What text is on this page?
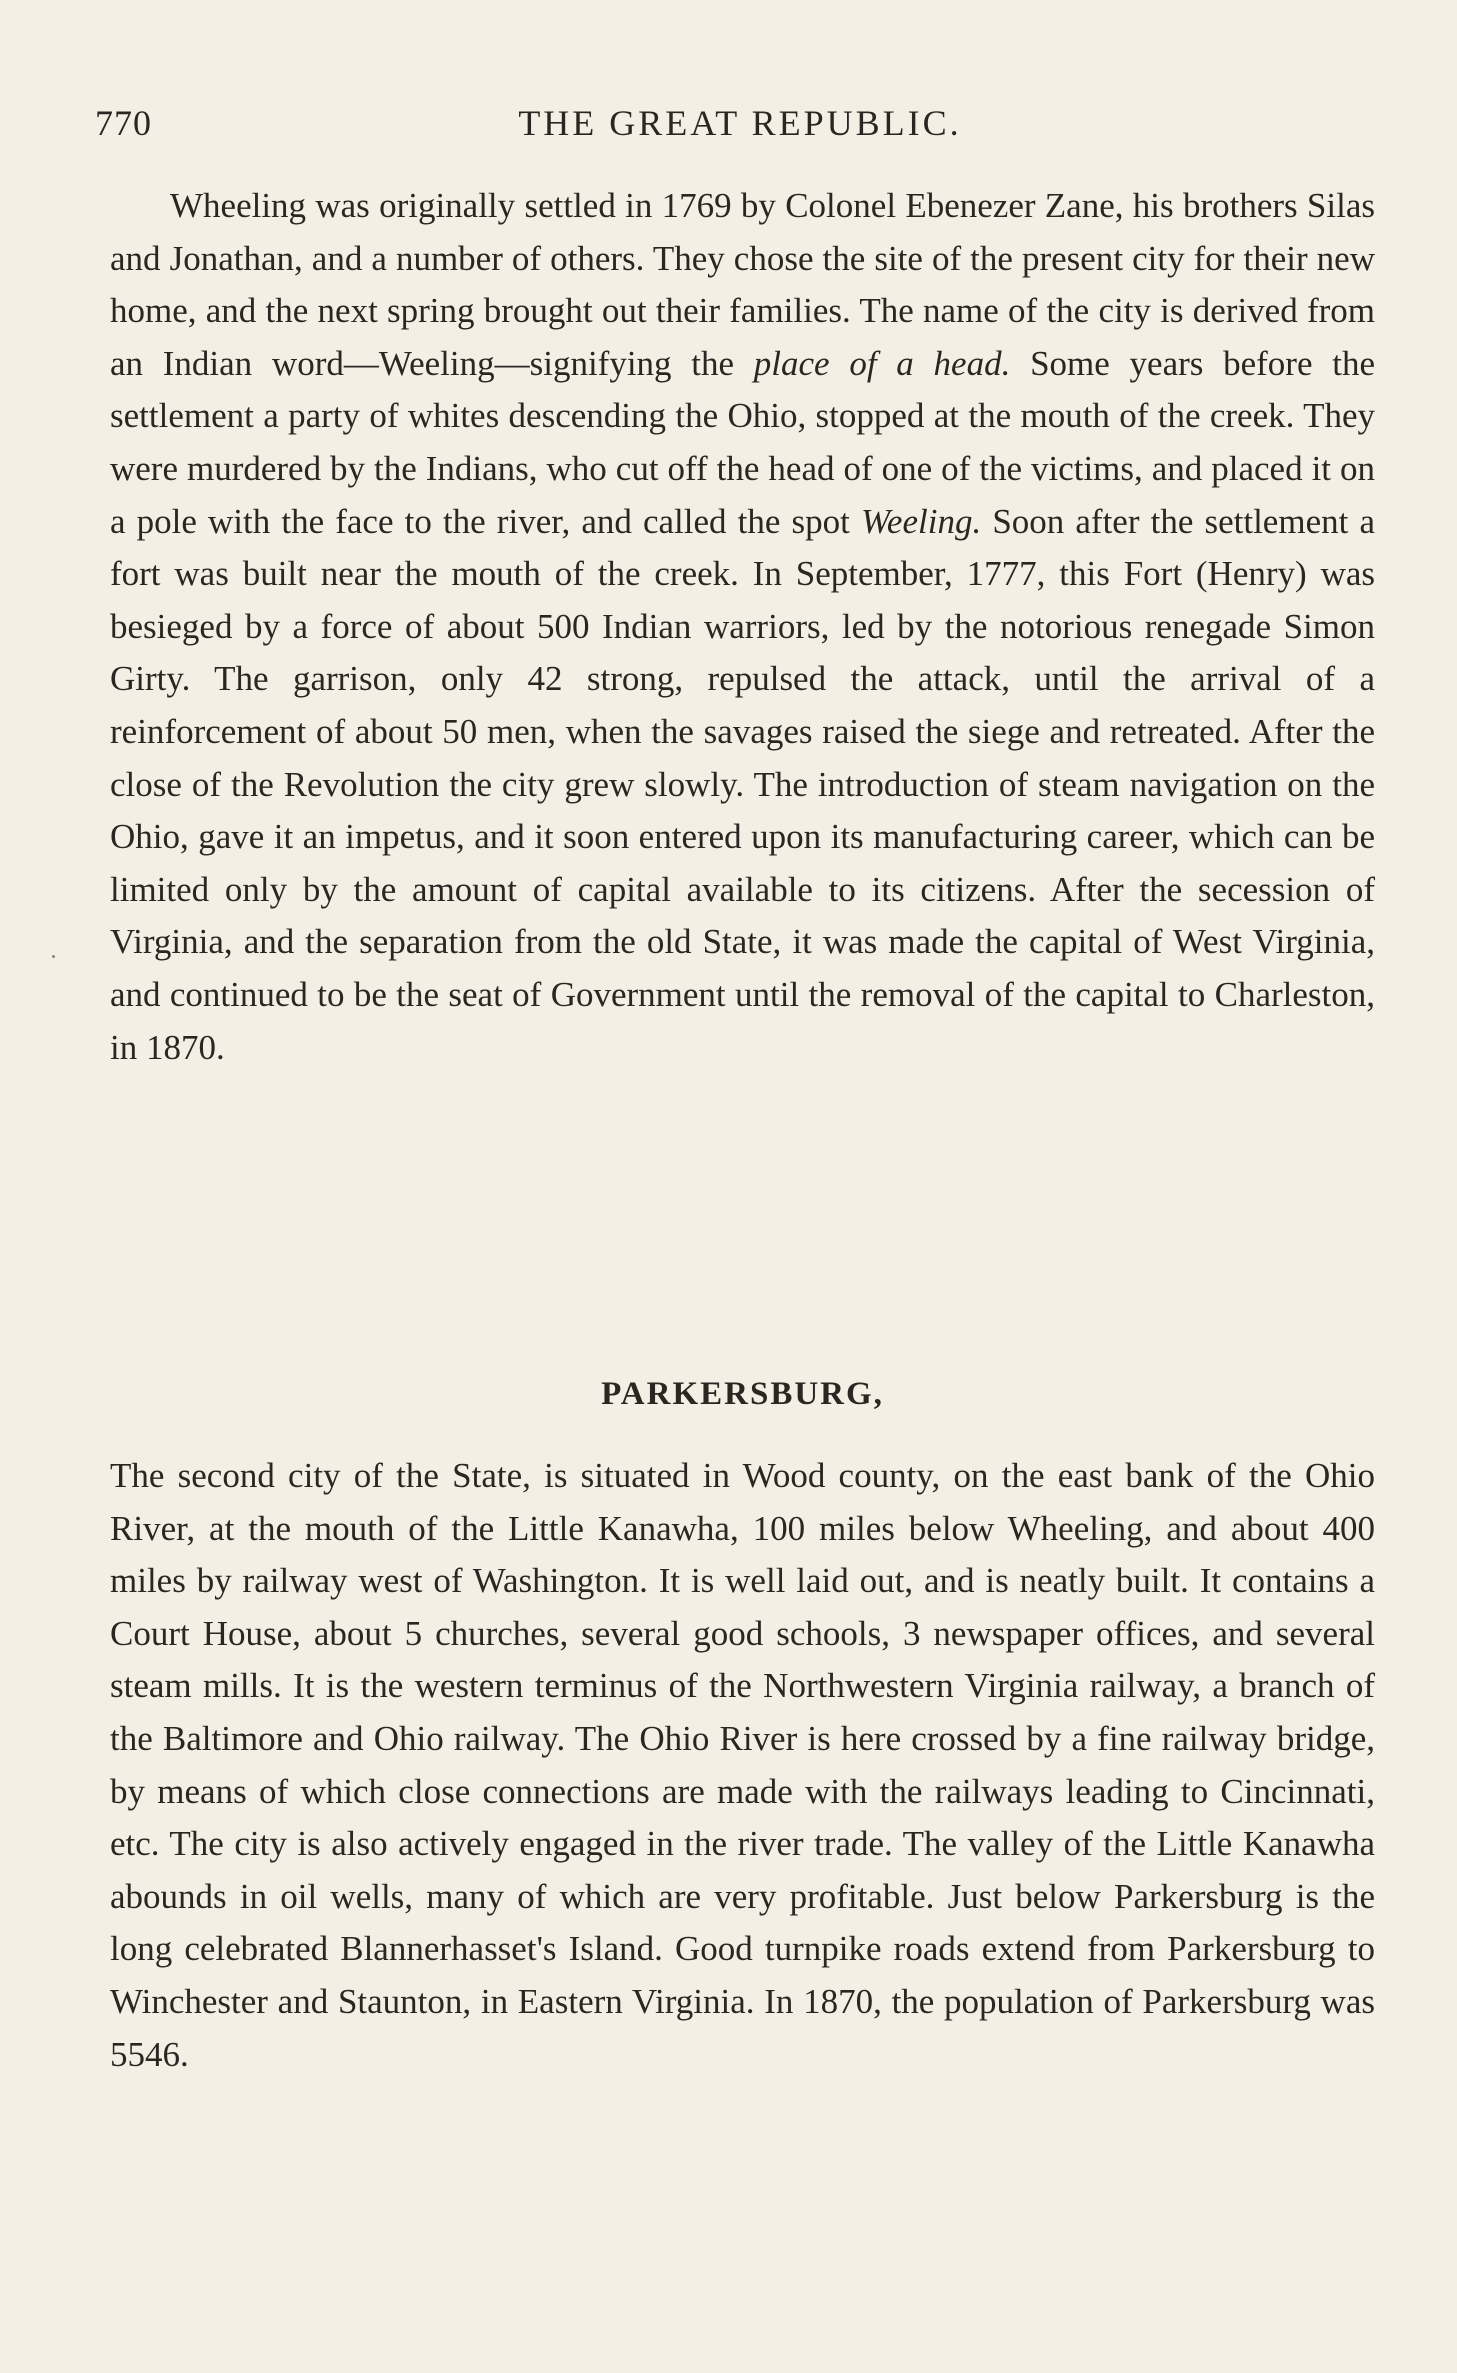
770	THE GREAT REPUBLIC.

Wheeling was originally settled in 1769 by Colonel Ebenezer Zane, his brothers Silas and Jonathan, and a number of others. They chose the site of the present city for their new home, and the next spring brought out their families. The name of the city is derived from an Indian word—Weeling—signifying the place of a head. Some years before the settlement a party of whites descending the Ohio, stopped at the mouth of the creek. They were murdered by the Indians, who cut off the head of one of the victims, and placed it on a pole with the face to the river, and called the spot Weeling. Soon after the settlement a fort was built near the mouth of the creek. In September, 1777, this Fort (Henry) was besieged by a force of about 500 Indian warriors, led by the notorious renegade Simon Girty. The garrison, only 42 strong, repulsed the attack, until the arrival of a reinforcement of about 50 men, when the savages raised the siege and retreated. After the close of the Revolution the city grew slowly. The introduction of steam navigation on the Ohio, gave it an impetus, and it soon entered upon its manufacturing career, which can be limited only by the amount of capital available to its citizens. After the secession of Virginia, and the separation from the old State, it was made the capital of West Virginia, and continued to be the seat of Government until the removal of the capital to Charleston, in 1870.

PARKERSBURG,

The second city of the State, is situated in Wood county, on the east bank of the Ohio River, at the mouth of the Little Kanawha, 100 miles below Wheeling, and about 400 miles by railway west of Washington. It is well laid out, and is neatly built. It contains a Court House, about 5 churches, several good schools, 3 newspaper offices, and several steam mills. It is the western terminus of the Northwestern Virginia railway, a branch of the Baltimore and Ohio railway. The Ohio River is here crossed by a fine railway bridge, by means of which close connections are made with the railways leading to Cincinnati, etc. The city is also actively engaged in the river trade. The valley of the Little Kanawha abounds in oil wells, many of which are very profitable. Just below Parkersburg is the long celebrated Blannerhasset's Island. Good turnpike roads extend from Parkersburg to Winchester and Staunton, in Eastern Virginia. In 1870, the population of Parkersburg was 5546.
